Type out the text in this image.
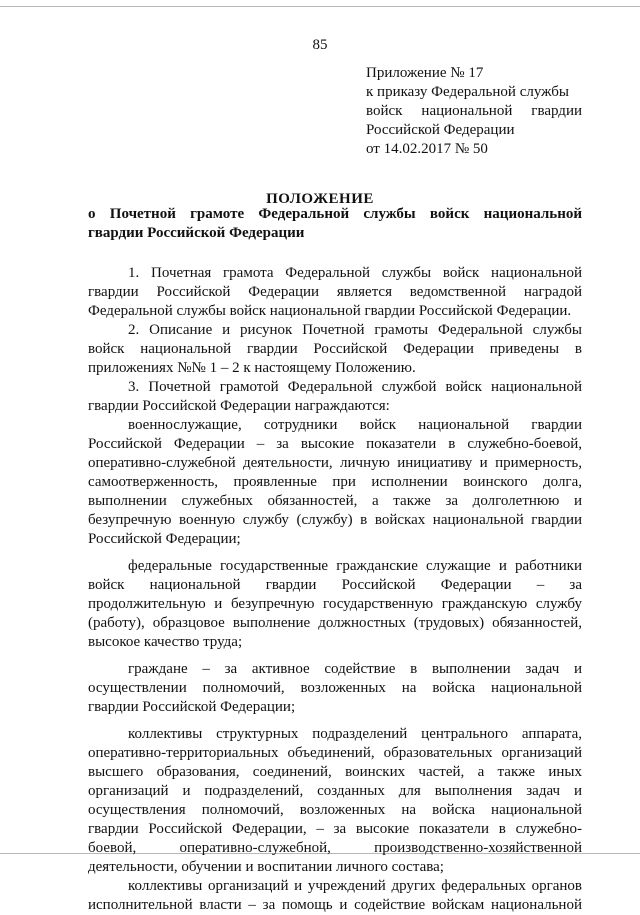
85
Приложение № 17
к приказу Федеральной службы
войск национальной гвардии
Российской Федерации
от 14.02.2017 № 50
ПОЛОЖЕНИЕ
о Почетной грамоте Федеральной службы войск национальной
гвардии Российской Федерации
1. Почетная грамота Федеральной службы войск национальной
гвардии Российской Федерации является ведомственной наградой
Федеральной службы войск национальной гвардии Российской Федерации.
2. Описание и рисунок Почетной грамоты Федеральной службы
войск национальной гвардии Российской Федерации приведены в
приложениях №№ 1 – 2 к настоящему Положению.
3. Почетной грамотой Федеральной службой войск национальной
гвардии Российской Федерации награждаются:
военнослужащие, сотрудники войск национальной гвардии
Российской Федерации – за высокие показатели в служебно-боевой,
оперативно-служебной деятельности, личную инициативу и примерность,
самоотверженность, проявленные при исполнении воинского долга,
выполнении служебных обязанностей, а также за долголетнюю и
безупречную военную службу (службу) в войсках национальной гвардии
Российской Федерации;
федеральные государственные гражданские служащие и работники
войск национальной гвардии Российской Федерации – за
продолжительную и безупречную государственную гражданскую службу
(работу), образцовое выполнение должностных (трудовых) обязанностей,
высокое качество труда;
граждане – за активное содействие в выполнении задач и
осуществлении полномочий, возложенных на войска национальной
гвардии Российской Федерации;
коллективы структурных подразделений центрального аппарата,
оперативно-территориальных объединений, образовательных организаций
высшего образования, соединений, воинских частей, а также иных
организаций и подразделений, созданных для выполнения задач и
осуществления полномочий, возложенных на войска национальной
гвардии Российской Федерации, – за высокие показатели в служебно-
боевой, оперативно-служебной, производственно-хозяйственной
деятельности, обучении и воспитании личного состава;
коллективы организаций и учреждений других федеральных органов
исполнительной власти – за помощь и содействие войскам национальной
